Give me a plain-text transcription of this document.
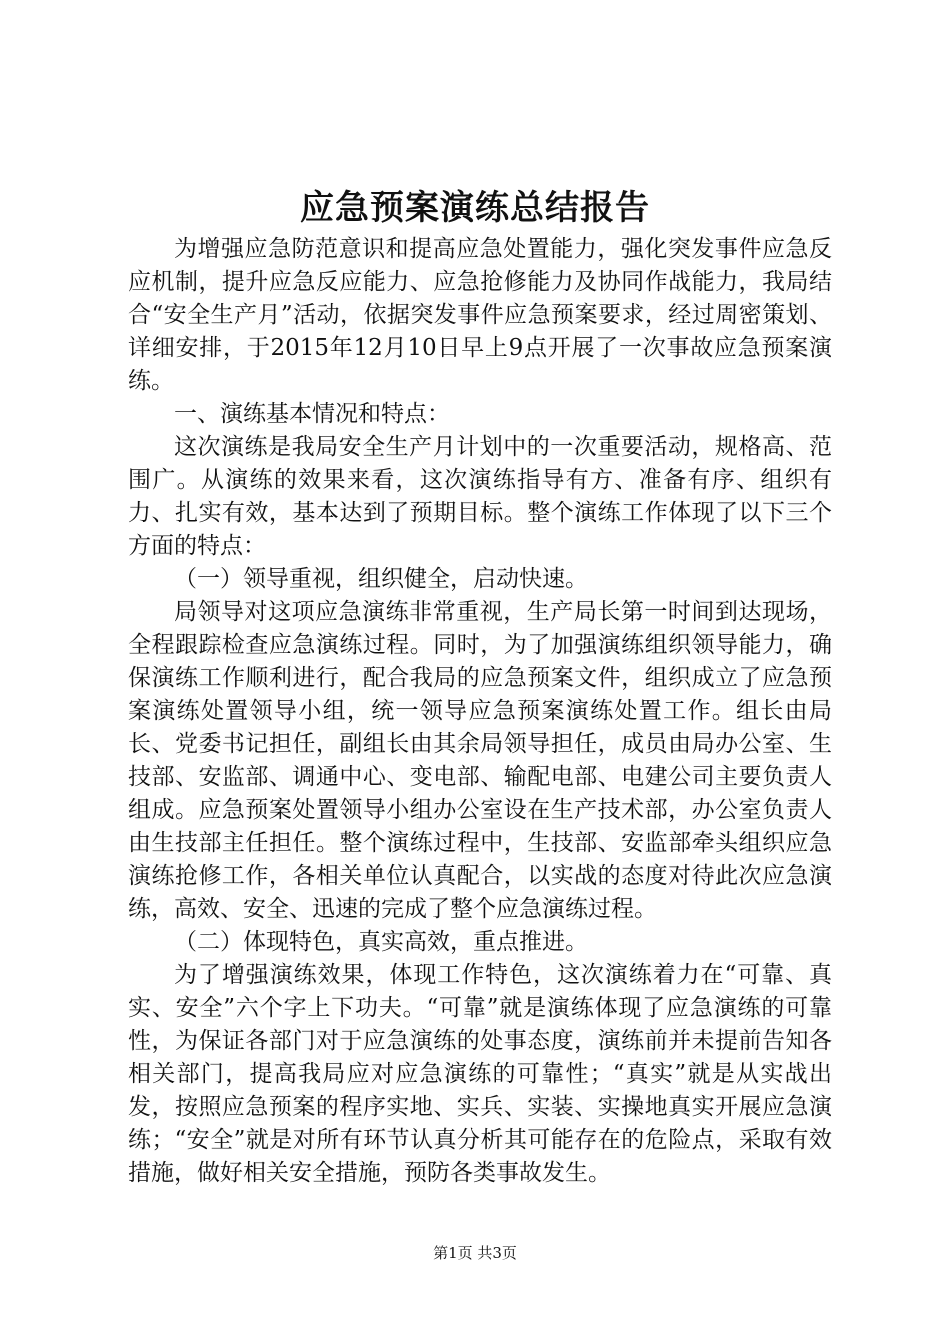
应急预案演练总结报告

为增强应急防范意识和提高应急处置能力，强化突发事件应急反应机制，提升应急反应能力、应急抢修能力及协同作战能力，我局结合“安全生产月”活动，依据突发事件应急预案要求，经过周密策划、详细安排，于2015年12月10日早上9点开展了一次事故应急预案演练。

一、演练基本情况和特点：

这次演练是我局安全生产月计划中的一次重要活动，规格高、范围广。从演练的效果来看，这次演练指导有方、准备有序、组织有力、扎实有效，基本达到了预期目标。整个演练工作体现了以下三个方面的特点：

（一）领导重视，组织健全，启动快速。

局领导对这项应急演练非常重视，生产局长第一时间到达现场，全程跟踪检查应急演练过程。同时，为了加强演练组织领导能力，确保演练工作顺利进行，配合我局的应急预案文件，组织成立了应急预案演练处置领导小组，统一领导应急预案演练处置工作。组长由局长、党委书记担任，副组长由其余局领导担任，成员由局办公室、生技部、安监部、调通中心、变电部、输配电部、电建公司主要负责人组成。应急预案处置领导小组办公室设在生产技术部，办公室负责人由生技部主任担任。整个演练过程中，生技部、安监部牵头组织应急演练抢修工作，各相关单位认真配合，以实战的态度对待此次应急演练，高效、安全、迅速的完成了整个应急演练过程。

（二）体现特色，真实高效，重点推进。

为了增强演练效果，体现工作特色，这次演练着力在“可靠、真实、安全”六个字上下功夫。“可靠”就是演练体现了应急演练的可靠性，为保证各部门对于应急演练的处事态度，演练前并未提前告知各相关部门，提高我局应对应急演练的可靠性；“真实”就是从实战出发，按照应急预案的程序实地、实兵、实装、实操地真实开展应急演练；“安全”就是对所有环节认真分析其可能存在的危险点，采取有效措施，做好相关安全措施，预防各类事故发生。

第1页 共3页
